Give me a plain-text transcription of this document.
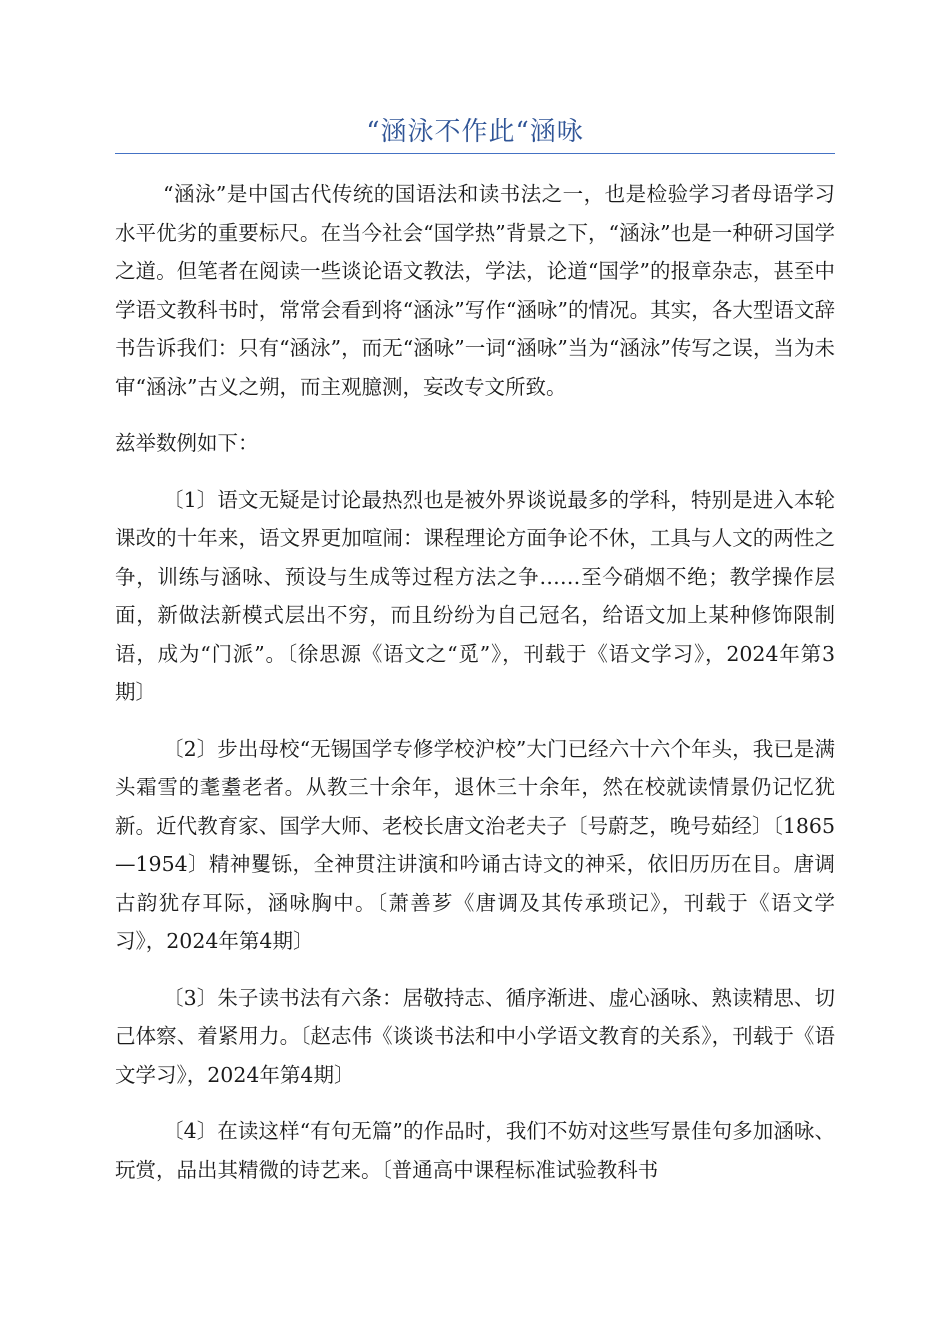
“涵泳不作此“涵咏

“涵泳”是中国古代传统的国语法和读书法之一，也是检验学习者母语学习水平优劣的重要标尺。在当今社会“国学热”背景之下，“涵泳”也是一种研习国学之道。但笔者在阅读一些谈论语文教法，学法，论道“国学”的报章杂志，甚至中学语文教科书时，常常会看到将“涵泳”写作“涵咏”的情况。其实，各大型语文辞书告诉我们：只有“涵泳”，而无“涵咏”一词“涵咏”当为“涵泳”传写之误，当为未审“涵泳”古义之朔，而主观臆测，妄改专文所致。

兹举数例如下：

〔1〕语文无疑是讨论最热烈也是被外界谈说最多的学科，特别是进入本轮课改的十年来，语文界更加喧闹：课程理论方面争论不休，工具与人文的两性之争，训练与涵咏、预设与生成等过程方法之争……至今硝烟不绝；教学操作层面，新做法新模式层出不穷，而且纷纷为自己冠名，给语文加上某种修饰限制语，成为“门派”。〔徐思源《语文之“觅”》，刊载于《语文学习》，2024年第3期〕

〔2〕步出母校“无锡国学专修学校沪校”大门已经六十六个年头，我已是满头霜雪的耄耋老者。从教三十余年，退休三十余年，然在校就读情景仍记忆犹新。近代教育家、国学大师、老校长唐文治老夫子〔号蔚芝，晚号茹经〕〔1865—1954〕精神矍铄，全神贯注讲演和吟诵古诗文的神采，依旧历历在目。唐调古韵犹存耳际，涵咏胸中。〔萧善芗《唐调及其传承琐记》，刊载于《语文学习》，2024年第4期〕

〔3〕朱子读书法有六条：居敬持志、循序渐进、虚心涵咏、熟读精思、切己体察、着紧用力。〔赵志伟《谈谈书法和中小学语文教育的关系》，刊载于《语文学习》，2024年第4期〕

〔4〕在读这样“有句无篇”的作品时，我们不妨对这些写景佳句多加涵咏、玩赏，品出其精微的诗艺来。〔普通高中课程标准试验教科书
